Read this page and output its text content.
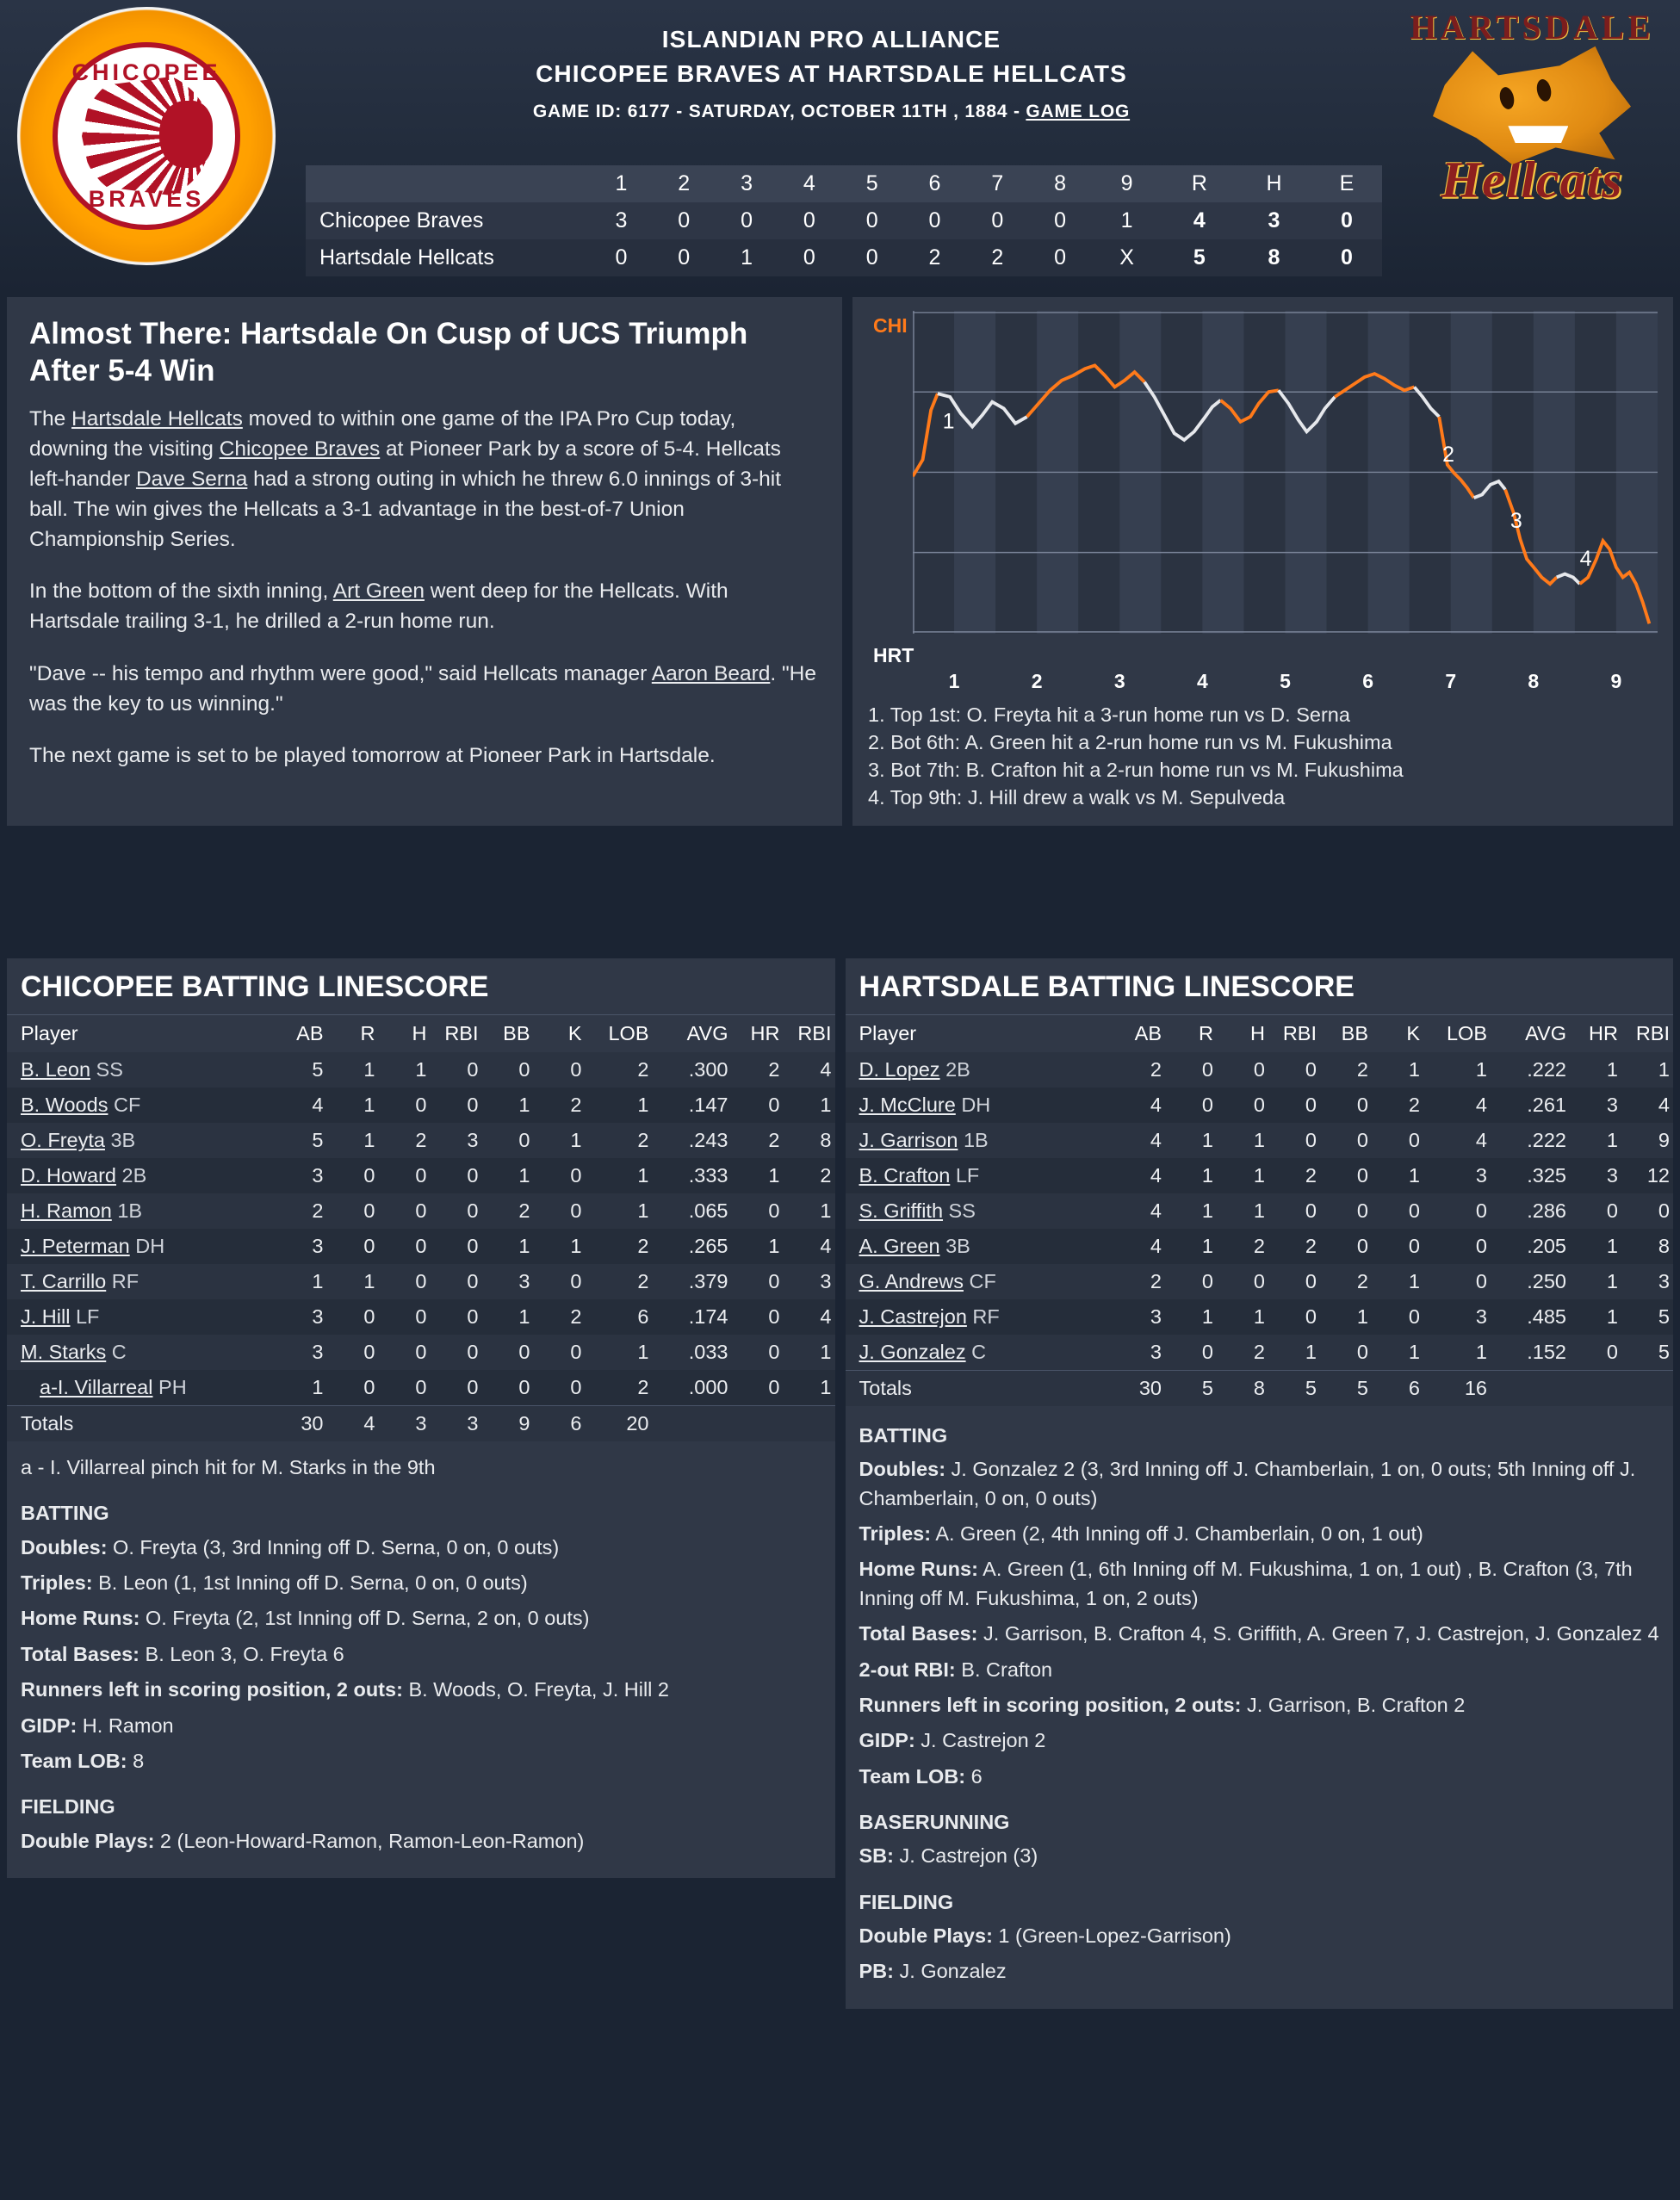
CHICOPEE
BRAVES
ISLANDIAN PRO ALLIANCE
CHICOPEE BRAVES AT HARTSDALE HELLCATS
GAME ID: 6177 - SATURDAY, OCTOBER 11TH , 1884 - GAME LOG
HARTSDALE
Hellcats
	1	2	3	4	5	6	7	8	9	R	H	E
Chicopee Braves	3	0	0	0	0	0	0	0	1	4	3	0
Hartsdale Hellcats	0	0	1	0	0	2	2	0	X	5	8	0
Almost There: Hartsdale On Cusp of UCS Triumph After 5-4 Win

The Hartsdale Hellcats moved to within one game of the IPA Pro Cup today, downing the visiting Chicopee Braves at Pioneer Park by a score of 5-4. Hellcats left-hander Dave Serna had a strong outing in which he threw 6.0 innings of 3-hit ball. The win gives the Hellcats a 3-1 advantage in the best-of-7 Union Championship Series.

In the bottom of the sixth inning, Art Green went deep for the Hellcats. With Hartsdale trailing 3-1, he drilled a 2-run home run.

"Dave -- his tempo and rhythm were good," said Hellcats manager Aaron Beard. "He was the key to us winning."

The next game is set to be played tomorrow at Pioneer Park in Hartsdale.

CHI
HRT
1
2
3
4
1	2	3	4	5	6	7	8	9
1. Top 1st: O. Freyta hit a 3-run home run vs D. Serna
2. Bot 6th: A. Green hit a 2-run home run vs M. Fukushima
3. Bot 7th: B. Crafton hit a 2-run home run vs M. Fukushima
4. Top 9th: J. Hill drew a walk vs M. Sepulveda
CHICOPEE BATTING LINESCORE
Player	AB	R	H	RBI	BB	K	LOB	AVG	HR	RBI
B. Leon SS	5	1	1	0	0	0	2	.300	2	4
B. Woods CF	4	1	0	0	1	2	1	.147	0	1
O. Freyta 3B	5	1	2	3	0	1	2	.243	2	8
D. Howard 2B	3	0	0	0	1	0	1	.333	1	2
H. Ramon 1B	2	0	0	0	2	0	1	.065	0	1
J. Peterman DH	3	0	0	0	1	1	2	.265	1	4
T. Carrillo RF	1	1	0	0	3	0	2	.379	0	3
J. Hill LF	3	0	0	0	1	2	6	.174	0	4
M. Starks C	3	0	0	0	0	0	1	.033	0	1
a-I. Villarreal PH	1	0	0	0	0	0	2	.000	0	1
Totals	30	4	3	3	9	6	20			
a - I. Villarreal pinch hit for M. Starks in the 9th
BATTING
Doubles: O. Freyta (3, 3rd Inning off D. Serna, 0 on, 0 outs)
Triples: B. Leon (1, 1st Inning off D. Serna, 0 on, 0 outs)
Home Runs: O. Freyta (2, 1st Inning off D. Serna, 2 on, 0 outs)
Total Bases: B. Leon 3, O. Freyta 6
Runners left in scoring position, 2 outs: B. Woods, O. Freyta, J. Hill 2
GIDP: H. Ramon
Team LOB: 8
FIELDING
Double Plays: 2 (Leon-Howard-Ramon, Ramon-Leon-Ramon)
HARTSDALE BATTING LINESCORE
Player	AB	R	H	RBI	BB	K	LOB	AVG	HR	RBI
D. Lopez 2B	2	0	0	0	2	1	1	.222	1	1
J. McClure DH	4	0	0	0	0	2	4	.261	3	4
J. Garrison 1B	4	1	1	0	0	0	4	.222	1	9
B. Crafton LF	4	1	1	2	0	1	3	.325	3	12
S. Griffith SS	4	1	1	0	0	0	0	.286	0	0
A. Green 3B	4	1	2	2	0	0	0	.205	1	8
G. Andrews CF	2	0	0	0	2	1	0	.250	1	3
J. Castrejon RF	3	1	1	0	1	0	3	.485	1	5
J. Gonzalez C	3	0	2	1	0	1	1	.152	0	5
Totals	30	5	8	5	5	6	16			
BATTING
Doubles: J. Gonzalez 2 (3, 3rd Inning off J. Chamberlain, 1 on, 0 outs; 5th Inning off J. Chamberlain, 0 on, 0 outs)
Triples: A. Green (2, 4th Inning off J. Chamberlain, 0 on, 1 out)
Home Runs: A. Green (1, 6th Inning off M. Fukushima, 1 on, 1 out) , B. Crafton (3, 7th Inning off M. Fukushima, 1 on, 2 outs)
Total Bases: J. Garrison, B. Crafton 4, S. Griffith, A. Green 7, J. Castrejon, J. Gonzalez 4
2-out RBI: B. Crafton
Runners left in scoring position, 2 outs: J. Garrison, B. Crafton 2
GIDP: J. Castrejon 2
Team LOB: 6
BASERUNNING
SB: J. Castrejon (3)
FIELDING
Double Plays: 1 (Green-Lopez-Garrison)
PB: J. Gonzalez
